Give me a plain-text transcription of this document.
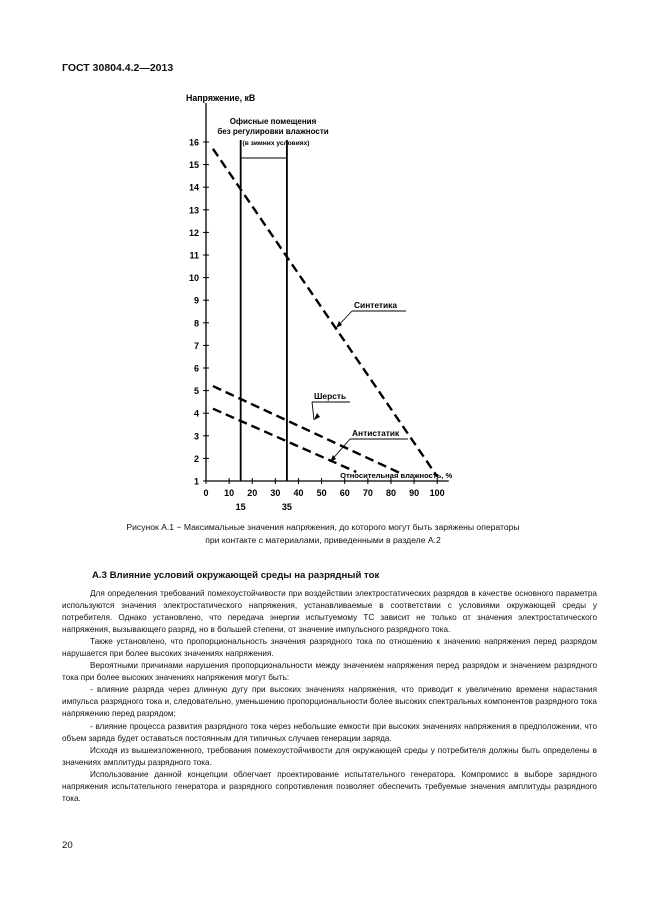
ГОСТ 30804.4.2—2013
1
2
3
4
5
6
7
8
9
10
11
12
13
14
15
16
0 10 20 30 40 50 60 70 80 90 100
Офисные помещения
без регулировки влажности
(в зимних условиях)
15	35
Напряжение, кВ
Относительная влажность, %
Синтетика
Шерсть
Антистатик
Рисунок А.1 − Максимальные значения напряжения, до которого могут быть заряжены операторы
при контакте с материалами, приведенными в разделе А.2
А.3 Влияние условий окружающей среды на разрядный ток

Для определения требований помехоустойчивости при воздействии электростатических разрядов в качестве основного параметра используются значения электростатического напряжения, устанавливаемые в соответствии с условиями окружающей среды у потребителя. Однако установлено, что передача энергии испытуемому ТС зависит не только от значения электростатического напряжения, вызывающего разряд, но в большей степени, от значение импульсного разрядного тока.

Также установлено, что пропорциональность значения разрядного тока по отношению к значению напряжения перед разрядом нарушается при более высоких значениях напряжения.

Вероятными причинами нарушения пропорциональности между значением напряжения перед разрядом и значением разрядного тока при более высоких значениях напряжения могут быть:

- влияние разряда через длинную дугу при высоких значениях напряжения, что приводит к увеличению времени нарастания импульса разрядного тока и, следовательно, уменьшению пропорциональности более высоких спектральных компонентов разрядного тока напряжению перед разрядом;

- влияние процесса развития разрядного тока через небольшие емкости при высоких значениях напряжения в предположении, что объем заряда будет оставаться постоянным для типичных случаев генерации заряда.

Исходя из вышеизложенного, требования помехоустойчивости для окружающей среды у потребителя должны быть определены в значениях амплитуды разрядного тока.

Использование данной концепции облегчает проектирование испытательного генератора. Компромисс в выборе зарядного напряжения испытательного генератора и разрядного сопротивления позволяет обеспечить требуемые значения амплитуды разрядного тока.

20
